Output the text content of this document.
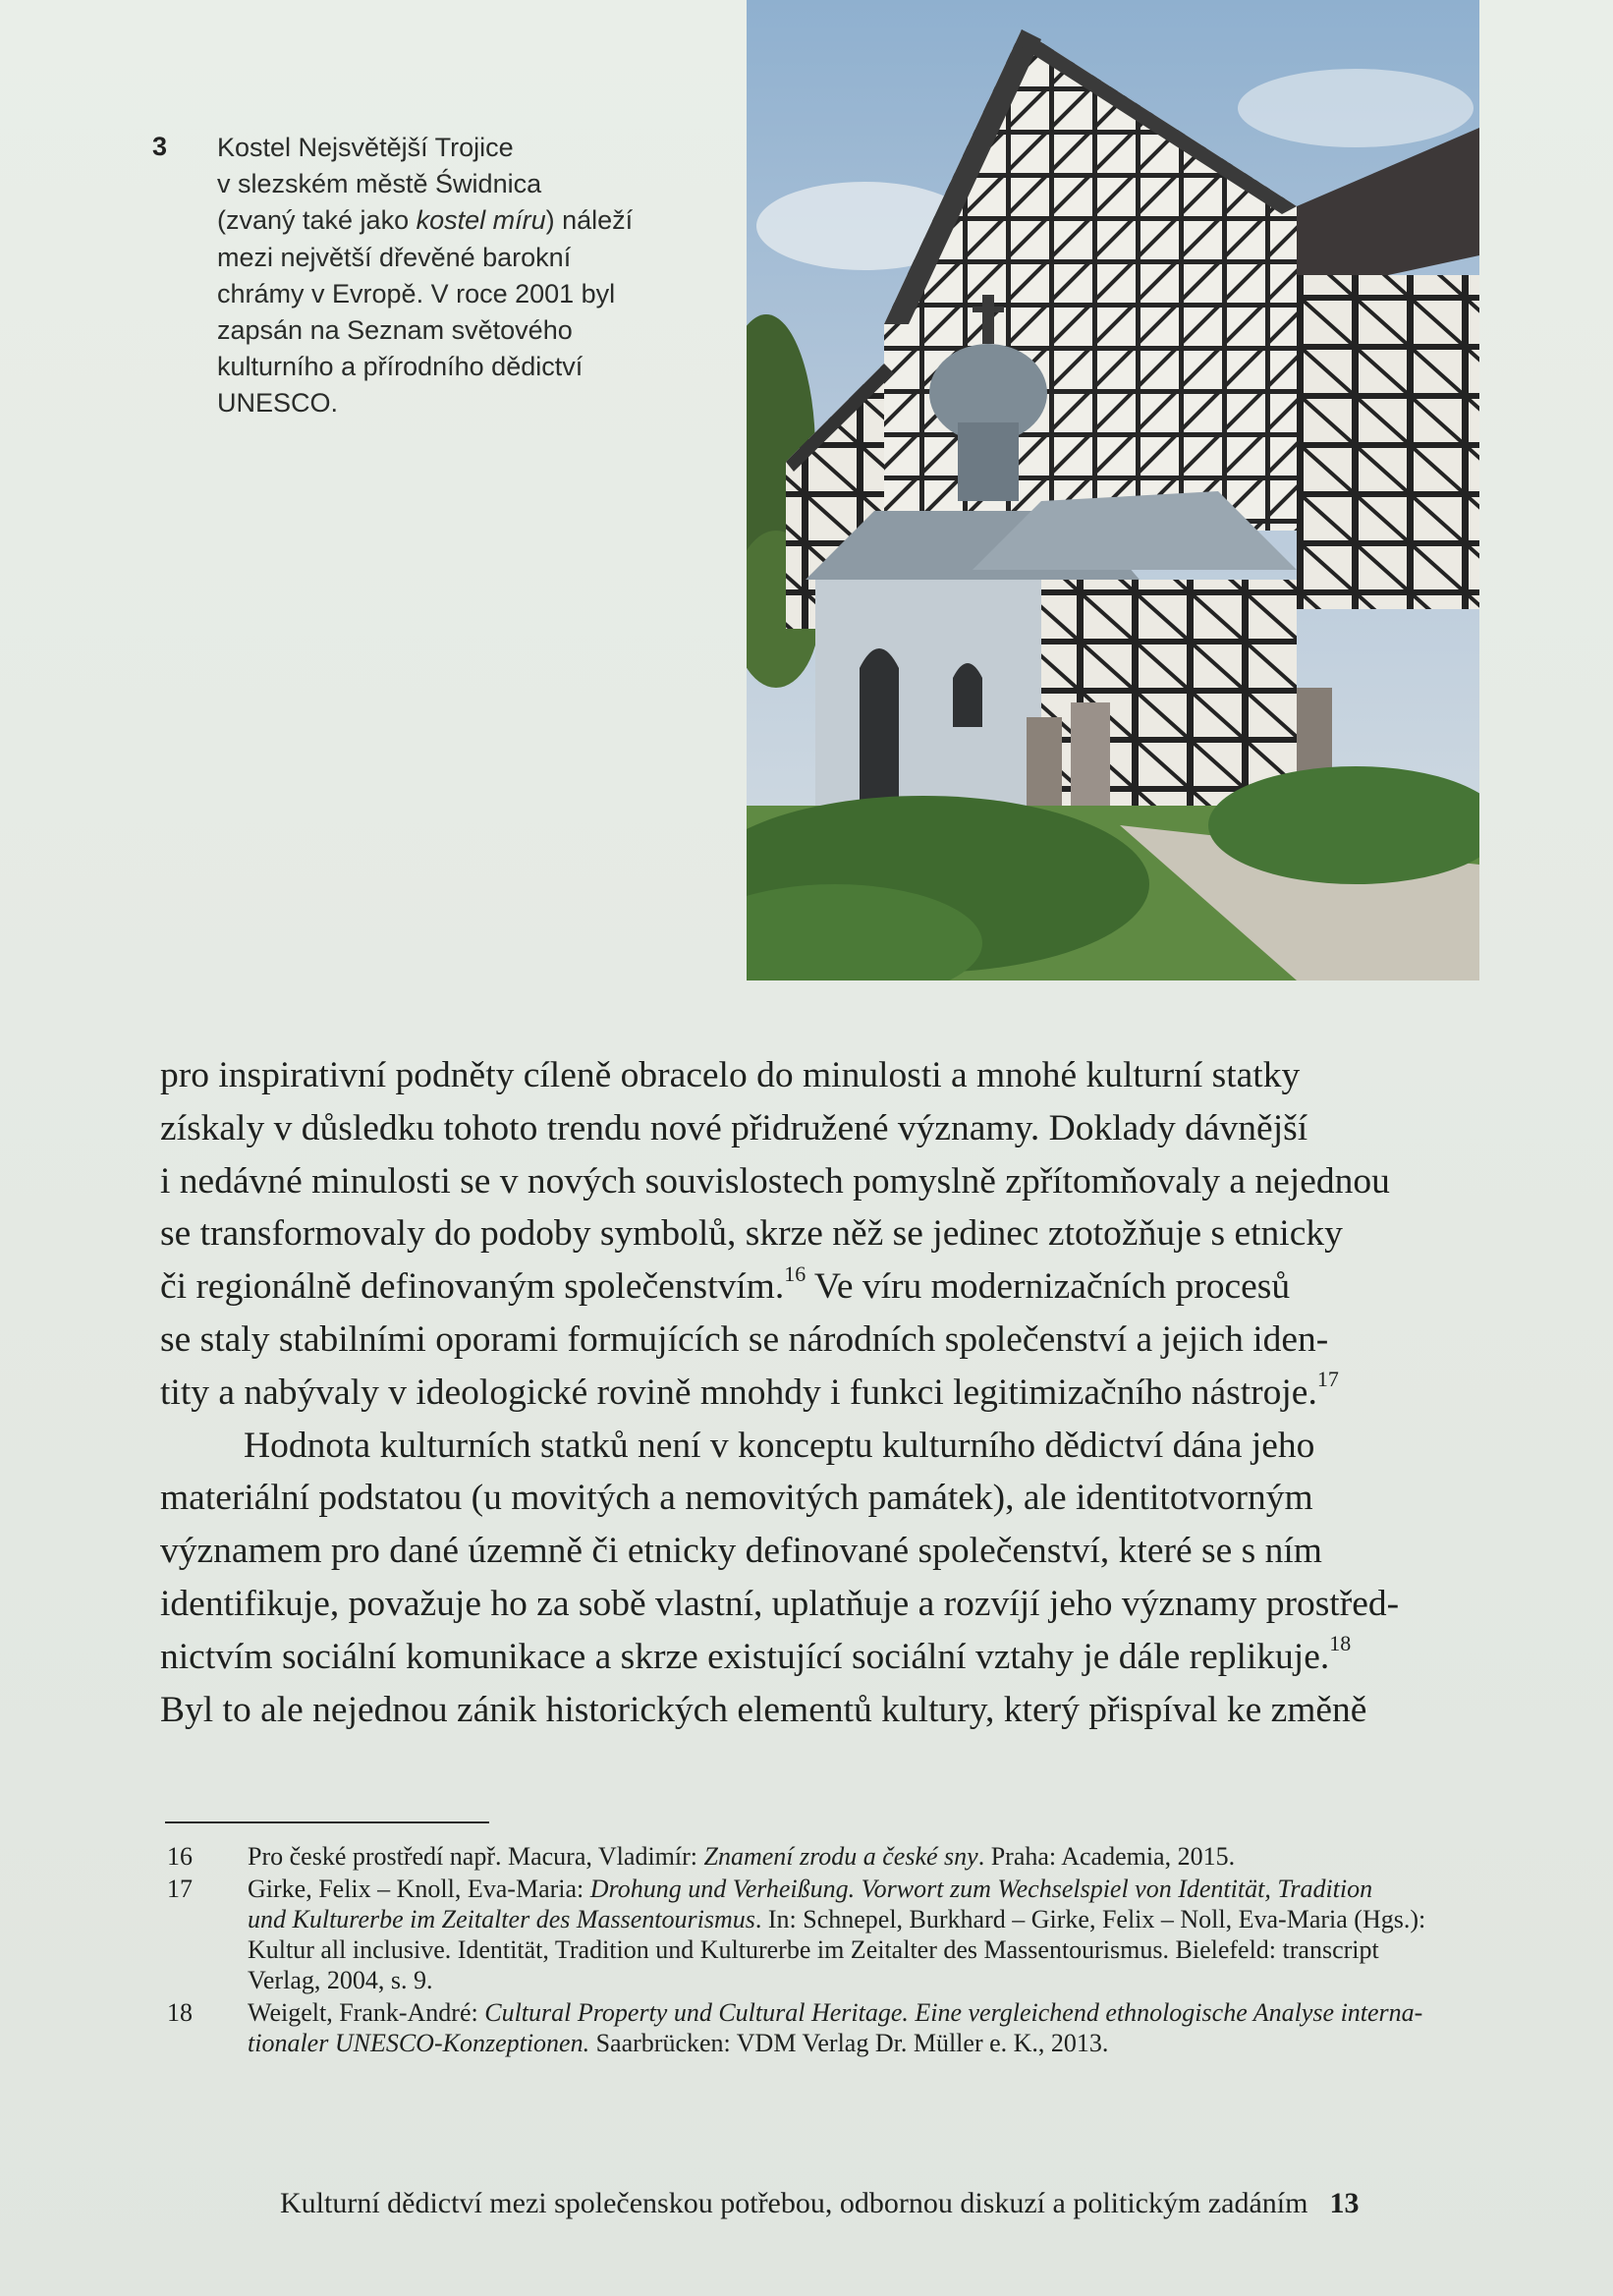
3 Kostel Nejsvětější Trojice
v slezském městě Świdnica
(zvaný také jako kostel míru) náleží
mezi největší dřevěné barokní
chrámy v Evropě. V roce 2001 byl
zapsán na Seznam světového
kulturního a přírodního dědictví
UNESCO.
pro inspirativní podněty cíleně obracelo do minulosti a mnohé kulturní statky
získaly v důsledku tohoto trendu nové přidružené významy. Doklady dávnější
i nedávné minulosti se v nových souvislostech pomyslně zpřítomňovaly a nejednou
se transformovaly do podoby symbolů, skrze něž se jedinec ztotožňuje s etnicky
či regionálně definovaným společenstvím.$^{16}$ Ve víru modernizačních procesů
se staly stabilními oporami formujících se národních společenství a jejich iden-
tity a nabývaly v ideologické rovině mnohdy i funkci legitimizačního nástroje.$^{17}$
Hodnota kulturních statků není v konceptu kulturního dědictví dána jeho
materiální podstatou (u movitých a nemovitých památek), ale identitotvorným
významem pro dané územně či etnicky definované společenství, které se s ním
identifikuje, považuje ho za sobě vlastní, uplatňuje a rozvíjí jeho významy prostřed-
nictvím sociální komunikace a skrze existující sociální vztahy je dále replikuje.$^{18}$
Byl to ale nejednou zánik historických elementů kultury, který přispíval ke změně
16	Pro české prostředí např. Macura, Vladimír: Znamení zrodu a české sny. Praha: Academia, 2015.
17	Girke, Felix – Knoll, Eva-Maria: Drohung und Verheißung. Vorwort zum Wechselspiel von Identität, Tradition
und Kulturerbe im Zeitalter des Massentourismus. In: Schnepel, Burkhard – Girke, Felix – Noll, Eva-Maria (Hgs.):
Kultur all inclusive. Identität, Tradition und Kulturerbe im Zeitalter des Massentourismus. Bielefeld: transcript
Verlag, 2004, s. 9.
18	Weigelt, Frank-André: Cultural Property und Cultural Heritage. Eine vergleichend ethnologische Analyse interna-
tionaler UNESCO-Konzeptionen. Saarbrücken: VDM Verlag Dr. Müller e. K., 2013.
Kulturní dědictví mezi společenskou potřebou, odbornou diskuzí a politickým zadáním 13
